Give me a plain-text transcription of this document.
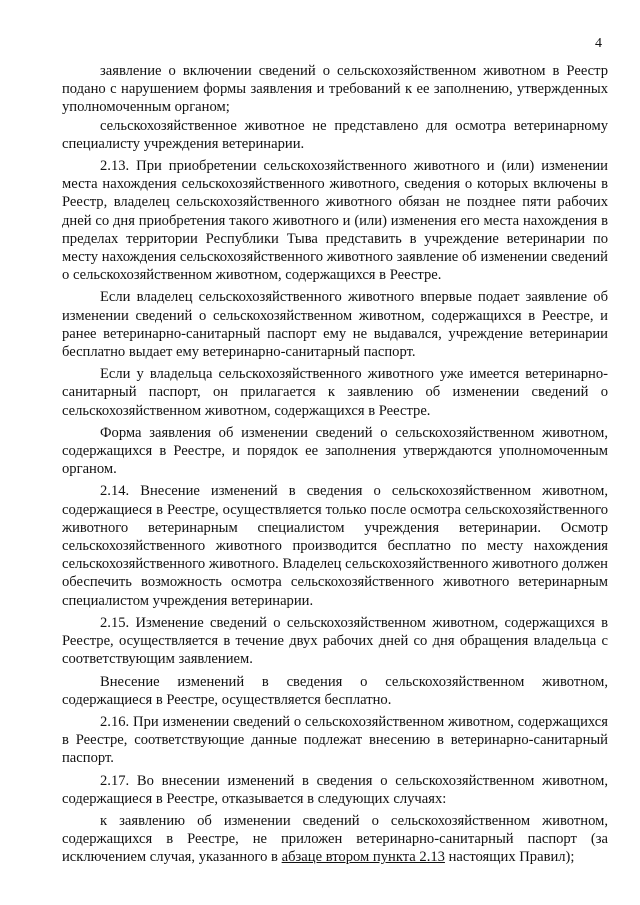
4

заявление о включении сведений о сельскохозяйственном животном в Реестр подано с нарушением формы заявления и требований к ее заполнению, утвержденных уполномоченным органом;

сельскохозяйственное животное не представлено для осмотра ветеринарному специалисту учреждения ветеринарии.

2.13. При приобретении сельскохозяйственного животного и (или) изменении места нахождения сельскохозяйственного животного, сведения о которых включены в Реестр, владелец сельскохозяйственного животного обязан не позднее пяти рабочих дней со дня приобретения такого животного и (или) изменения его места нахождения в пределах территории Республики Тыва представить в учреждение ветеринарии по месту нахождения сельскохозяйственного животного заявление об изменении сведений о сельскохозяйственном животном, содержащихся в Реестре.

Если владелец сельскохозяйственного животного впервые подает заявление об изменении сведений о сельскохозяйственном животном, содержащихся в Реестре, и ранее ветеринарно-санитарный паспорт ему не выдавался, учреждение ветеринарии бесплатно выдает ему ветеринарно-санитарный паспорт.

Если у владельца сельскохозяйственного животного уже имеется ветеринарно-санитарный паспорт, он прилагается к заявлению об изменении сведений о сельскохозяйственном животном, содержащихся в Реестре.

Форма заявления об изменении сведений о сельскохозяйственном животном, содержащихся в Реестре, и порядок ее заполнения утверждаются уполномоченным органом.

2.14. Внесение изменений в сведения о сельскохозяйственном животном, содержащиеся в Реестре, осуществляется только после осмотра сельскохозяйственного животного ветеринарным специалистом учреждения ветеринарии. Осмотр сельскохозяйственного животного производится бесплатно по месту нахождения сельскохозяйственного животного. Владелец сельскохозяйственного животного должен обеспечить возможность осмотра сельскохозяйственного животного ветеринарным специалистом учреждения ветеринарии.

2.15. Изменение сведений о сельскохозяйственном животном, содержащихся в Реестре, осуществляется в течение двух рабочих дней со дня обращения владельца с соответствующим заявлением.

Внесение изменений в сведения о сельскохозяйственном животном, содержащиеся в Реестре, осуществляется бесплатно.

2.16. При изменении сведений о сельскохозяйственном животном, содержащихся в Реестре, соответствующие данные подлежат внесению в ветеринарно-санитарный паспорт.

2.17. Во внесении изменений в сведения о сельскохозяйственном животном, содержащиеся в Реестре, отказывается в следующих случаях:

к заявлению об изменении сведений о сельскохозяйственном животном, содержащихся в Реестре, не приложен ветеринарно-санитарный паспорт (за исключением случая, указанного в абзаце втором пункта 2.13 настоящих Правил);
